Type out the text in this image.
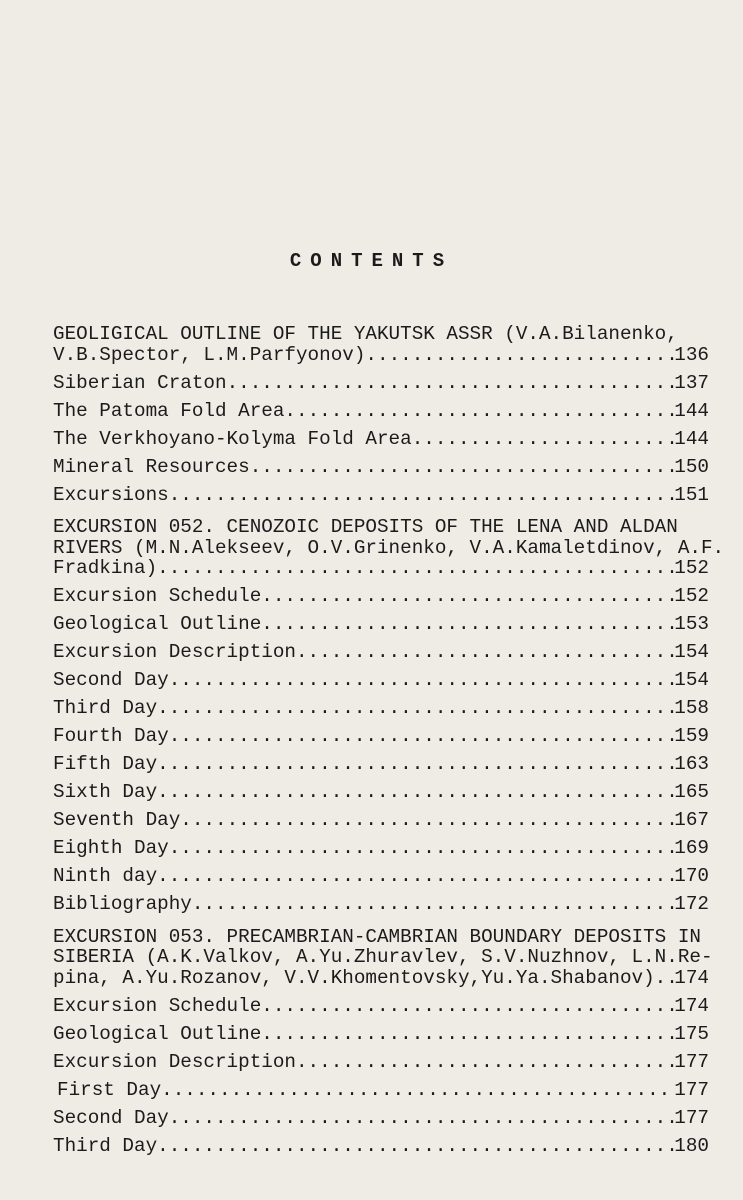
CONTENTS
GEOLIGICAL OUTLINE OF THE YAKUTSK ASSR (V.A.Bilanenko,
V.B.Spector, L.M.Parfyonov) .....	136
Siberian Craton .....	137
The Patoma Fold Area .....	144
The Verkhoyano-Kolyma Fold Area .....	144
Mineral Resources .....	150
Excursions .....	151
EXCURSION 052. CENOZOIC DEPOSITS OF THE LENA AND ALDAN
RIVERS (M.N.Alekseev, O.V.Grinenko, V.A.Kamaletdinov, A.F.
Fradkina) .....	152
Excursion Schedule .....	152
Geological Outline .....	153
Excursion Description .....	154
Second Day .....	154
Third Day .....	158
Fourth Day .....	159
Fifth Day .....	163
Sixth Day .....	165
Seventh Day .....	167
Eighth Day .....	169
Ninth day .....	170
Bibliography .....	172
EXCURSION 053. PRECAMBRIAN-CAMBRIAN BOUNDARY DEPOSITS IN
SIBERIA (A.K.Valkov, A.Yu.Zhuravlev, S.V.Nuzhnov, L.N.Re-
pina, A.Yu.Rozanov, V.V.Khomentovsky,Yu.Ya.Shabanov). ..... 174
Excursion Schedule .....	174
Geological Outline .....	175
Excursion Description .....	177
First Day .....	177
Second Day .....	177
Third Day .....	180
